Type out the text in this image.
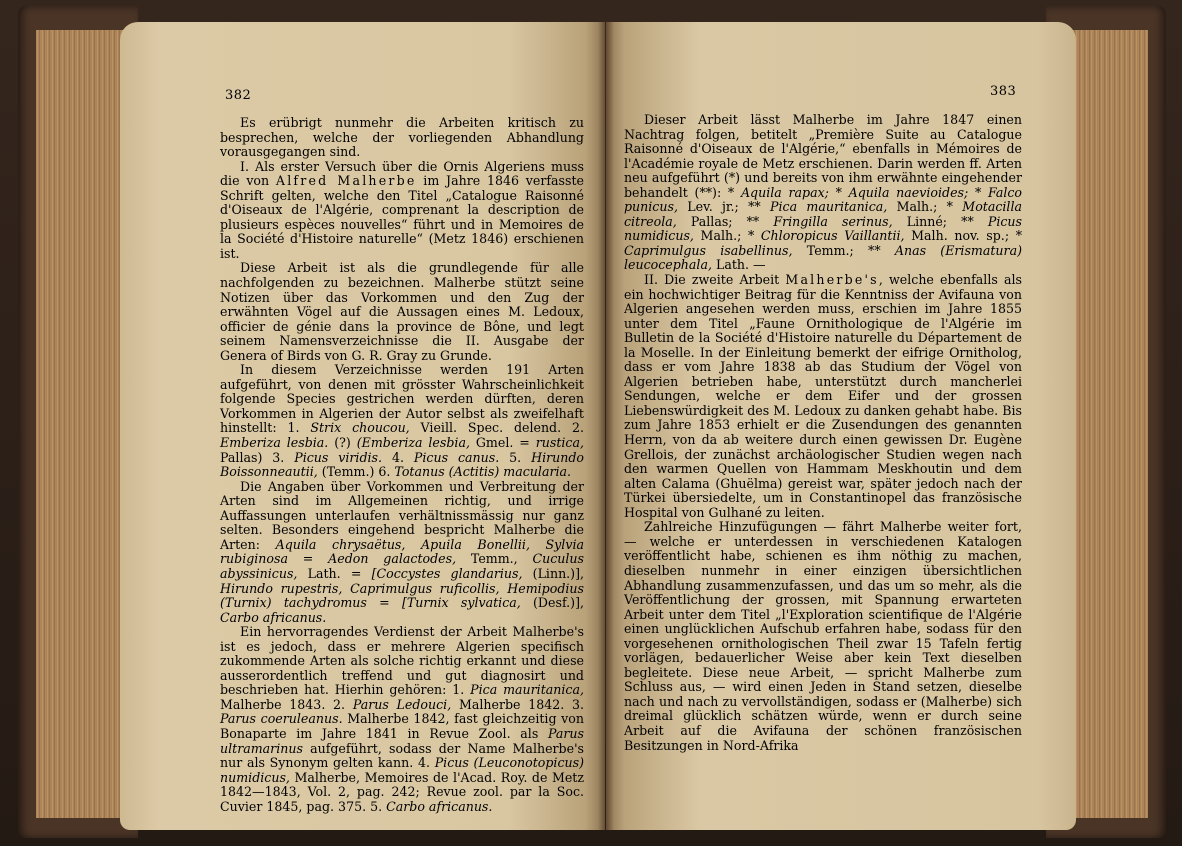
382	383

Es erübrigt nunmehr die Arbeiten kritisch zu besprechen, welche der vorliegenden Abhandlung vorausgegangen sind.

I. Als erster Versuch über die Ornis Algeriens muss die von Alfred Malherbe im Jahre 1846 verfasste Schrift gelten, welche den Titel „Catalogue Raisonné d'Oiseaux de l'Algérie, comprenant la description de plusieurs espèces nouvelles“ führt und in Memoires de la Société d'Histoire naturelle“ (Metz 1846) erschienen ist.

Diese Arbeit ist als die grundlegende für alle nachfolgenden zu bezeichnen. Malherbe stützt seine Notizen über das Vorkommen und den Zug der erwähnten Vögel auf die Aussagen eines M. Ledoux, officier de génie dans la province de Bône, und legt seinem Namensverzeichnisse die II. Ausgabe der Genera of Birds von G. R. Gray zu Grunde.

In diesem Verzeichnisse werden 191 Arten aufgeführt, von denen mit grösster Wahrscheinlichkeit folgende Species gestrichen werden dürften, deren Vorkommen in Algerien der Autor selbst als zweifelhaft hinstellt: 1. Strix choucou, Vieill. Spec. delend. 2. Emberiza lesbia. (?) (Emberiza lesbia, Gmel. = rustica, Pallas) 3. Picus viridis. 4. Picus canus. 5. Hirundo Boissonneautii, (Temm.) 6. Totanus (Actitis) macularia.

Die Angaben über Vorkommen und Verbreitung der Arten sind im Allgemeinen richtig, und irrige Auffassungen unterlaufen verhältnissmässig nur ganz selten. Besonders eingehend bespricht Malherbe die Arten: Aquila chrysaëtus, Apuila Bonellii, Sylvia rubiginosa = Aedon galactodes, Temm., Cuculus abyssinicus, Lath. = [Coccystes glandarius, (Linn.)], Hirundo rupestris, Caprimulgus ruficollis, Hemipodius (Turnix) tachydromus = [Turnix sylvatica, (Desf.)], Carbo africanus.

Ein hervorragendes Verdienst der Arbeit Malherbe's ist es jedoch, dass er mehrere Algerien specifisch zukommende Arten als solche richtig erkannt und diese ausserordentlich treffend und gut diagnosirt und beschrieben hat. Hierhin gehören: 1. Pica mauritanica, Malherbe 1843. 2. Parus Ledouci, Malherbe 1842. 3. Parus coeruleanus. Malherbe 1842, fast gleichzeitig von Bonaparte im Jahre 1841 in Revue Zool. als Parus ultramarinus aufgeführt, sodass der Name Malherbe's nur als Synonym gelten kann. 4. Picus (Leuconotopicus) numidicus, Malherbe, Memoires de l'Acad. Roy. de Metz 1842—1843, Vol. 2, pag. 242; Revue zool. par la Soc. Cuvier 1845, pag. 375. 5. Carbo africanus.

Dieser Arbeit lässt Malherbe im Jahre 1847 einen Nachtrag folgen, betitelt „Première Suite au Catalogue Raisonné d'Oiseaux de l'Algérie,“ ebenfalls in Mémoires de l'Académie royale de Metz erschienen. Darin werden ff. Arten neu aufgeführt (*) und bereits von ihm erwähnte eingehender behandelt (**): * Aquila rapax; * Aquila naevioides; * Falco punicus, Lev. jr.; ** Pica mauritanica, Malh.; * Motacilla citreola, Pallas; ** Fringilla serinus, Linné; ** Picus numidicus, Malh.; * Chloropicus Vaillantii, Malh. nov. sp.; * Caprimulgus isabellinus, Temm.; ** Anas (Erismatura) leucocephala, Lath. —

II. Die zweite Arbeit Malherbe's, welche ebenfalls als ein hochwichtiger Beitrag für die Kenntniss der Avifauna von Algerien angesehen werden muss, erschien im Jahre 1855 unter dem Titel „Faune Ornithologique de l'Algérie im Bulletin de la Société d'Histoire naturelle du Département de la Moselle. In der Einleitung bemerkt der eifrige Ornitholog, dass er vom Jahre 1838 ab das Studium der Vögel von Algerien betrieben habe, unterstützt durch mancherlei Sendungen, welche er dem Eifer und der grossen Liebenswürdigkeit des M. Ledoux zu danken gehabt habe. Bis zum Jahre 1853 erhielt er die Zusendungen des genannten Herrn, von da ab weitere durch einen gewissen Dr. Eugène Grellois, der zunächst archäologischer Studien wegen nach den warmen Quellen von Hammam Meskhoutin und dem alten Calama (Ghuëlma) gereist war, später jedoch nach der Türkei übersiedelte, um in Constantinopel das französische Hospital von Gulhané zu leiten.

Zahlreiche Hinzufügungen — fährt Malherbe weiter fort, — welche er unterdessen in verschiedenen Katalogen veröffentlicht habe, schienen es ihm nöthig zu machen, dieselben nunmehr in einer einzigen übersichtlichen Abhandlung zusammenzufassen, und das um so mehr, als die Veröffentlichung der grossen, mit Spannung erwarteten Arbeit unter dem Titel „l'Exploration scientifique de l'Algérie einen unglücklichen Aufschub erfahren habe, sodass für den vorgesehenen ornithologischen Theil zwar 15 Tafeln fertig vorlägen, bedauerlicher Weise aber kein Text dieselben begleitete. Diese neue Arbeit, — spricht Malherbe zum Schluss aus, — wird einen Jeden in Stand setzen, dieselbe nach und nach zu vervollständigen, sodass er (Malherbe) sich dreimal glücklich schätzen würde, wenn er durch seine Arbeit auf die Avifauna der schönen französischen Besitzungen in Nord-Afrika
